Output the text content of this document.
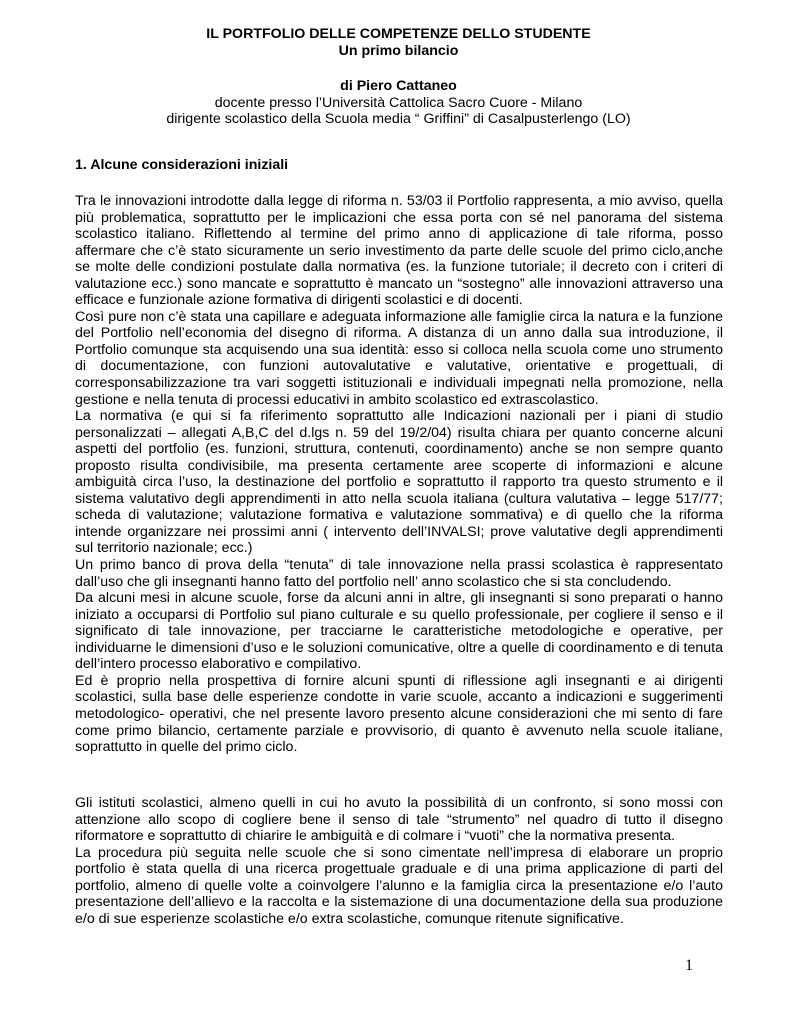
IL PORTFOLIO DELLE COMPETENZE DELLO STUDENTE
Un primo bilancio
di Piero Cattaneo
docente presso l’Università Cattolica Sacro Cuore - Milano
dirigente scolastico della Scuola media “ Griffini” di Casalpusterlengo (LO)
1. Alcune considerazioni iniziali

Tra le innovazioni introdotte dalla legge di riforma n. 53/03 il Portfolio rappresenta, a mio avviso, quella più problematica, soprattutto per le implicazioni che essa porta con sé nel panorama del sistema scolastico italiano. Riflettendo al termine del primo anno di applicazione di tale riforma, posso affermare che c’è stato sicuramente un serio investimento da parte delle scuole del primo ciclo,anche se molte delle condizioni postulate dalla normativa (es. la funzione tutoriale; il decreto con i criteri di valutazione ecc.) sono mancate e soprattutto è mancato un “sostegno” alle innovazioni attraverso una efficace e funzionale azione formativa di dirigenti scolastici e di docenti.

Così pure non c’è stata una capillare e adeguata informazione alle famiglie circa la natura e la funzione del Portfolio nell’economia del disegno di riforma. A distanza di un anno dalla sua introduzione, il Portfolio comunque sta acquisendo una sua identità: esso si colloca nella scuola come uno strumento di documentazione, con funzioni autovalutative e valutative, orientative e progettuali, di corresponsabilizzazione tra vari soggetti istituzionali e individuali impegnati nella promozione, nella gestione e nella tenuta di processi educativi in ambito scolastico ed extrascolastico.

La normativa (e qui si fa riferimento soprattutto alle Indicazioni nazionali per i piani di studio personalizzati – allegati A,B,C del d.lgs n. 59 del 19/2/04) risulta chiara per quanto concerne alcuni aspetti del portfolio (es. funzioni, struttura, contenuti, coordinamento) anche se non sempre quanto proposto risulta condivisibile, ma presenta certamente aree scoperte di informazioni e alcune ambiguità circa l’uso, la destinazione del portfolio e soprattutto il rapporto tra questo strumento e il sistema valutativo degli apprendimenti in atto nella scuola italiana (cultura valutativa – legge 517/77; scheda di valutazione; valutazione formativa e valutazione sommativa) e di quello che la riforma intende organizzare nei prossimi anni ( intervento dell’INVALSI; prove valutative degli apprendimenti sul territorio nazionale; ecc.)

Un primo banco di prova della “tenuta” di tale innovazione nella prassi scolastica è rappresentato dall’uso che gli insegnanti hanno fatto del portfolio nell’ anno scolastico che si sta concludendo.

Da alcuni mesi in alcune scuole, forse da alcuni anni in altre, gli insegnanti si sono preparati o hanno iniziato a occuparsi di Portfolio sul piano culturale e su quello professionale, per cogliere il senso e il significato di tale innovazione, per tracciarne le caratteristiche metodologiche e operative, per individuarne le dimensioni d’uso e le soluzioni comunicative, oltre a quelle di coordinamento e di tenuta dell’intero processo elaborativo e compilativo.

Ed è proprio nella prospettiva di fornire alcuni spunti di riflessione agli insegnanti e ai dirigenti scolastici, sulla base delle esperienze condotte in varie scuole, accanto a indicazioni e suggerimenti metodologico- operativi, che nel presente lavoro presento alcune considerazioni che mi sento di fare come primo bilancio, certamente parziale e provvisorio, di quanto è avvenuto nella scuole italiane, soprattutto in quelle del primo ciclo.

Gli istituti scolastici, almeno quelli in cui ho avuto la possibilità di un confronto, si sono mossi con attenzione allo scopo di cogliere bene il senso di tale “strumento” nel quadro di tutto il disegno riformatore e soprattutto di chiarire le ambiguità e di colmare i “vuoti” che la normativa presenta.

La procedura più seguita nelle scuole che si sono cimentate nell’impresa di elaborare un proprio portfolio è stata quella di una ricerca progettuale graduale e di una prima applicazione di parti del portfolio, almeno di quelle volte a coinvolgere l’alunno e la famiglia circa la presentazione e/o l’auto presentazione dell’allievo e la raccolta e la sistemazione di una documentazione della sua produzione e/o di sue esperienze scolastiche e/o extra scolastiche, comunque ritenute significative.

1
